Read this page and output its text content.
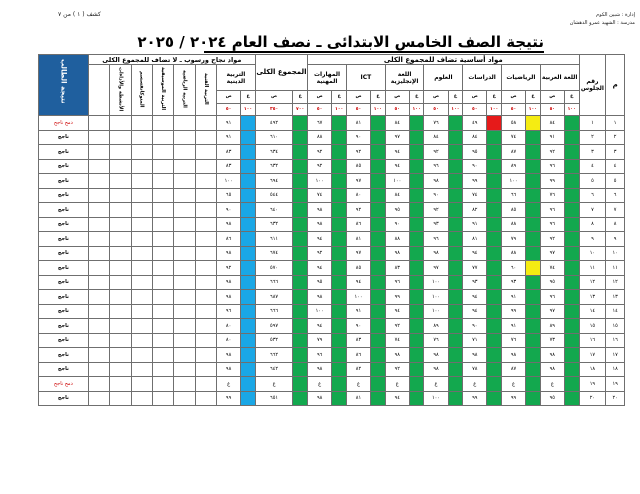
كشف ( ١ ) من ٧	إدارة : شبين الكوم
مدرسة : الشهيد عمرو الدهشان
نتيجة الصف الخامس الابتدائى ـ نصف العام ٢٠٢٤ / ٢٠٢٥
م	رقم الجلوس	مواد أساسية تضاف للمجموع الكلى														المجموع الكلى		مواد نجاح ورسوب ـ لا تضاف للمجموع الكلى								نتيجة الطالب
		اللغة العربية		الرياضيات		الدراسات		العلوم		اللغة الإنجليزية		ICT		المهارات المهنية				التربية الدينية		التربية الفنية	التربية الرياضية	التربية الموسيقية	المتوكاتفسسم	الأنشطة والأداءات		
		ع	ص	ع	ص	ع	ص	ع	ص	ع	ص	ع	ص	ع	ص	ع	ص	ع	ص							
		١٠٠	٥٠	١٠٠	٥٠	١٠٠	٥٠	١٠٠	٥٠	١٠٠	٥٠	١٠٠	٥٠	١٠٠	٥٠	٧٠٠	٣٥٠	١٠٠	٥٠							
١	١		٨٤		٥٨		٤٩		٧٦		٨٤		٨١		٦٧		٤٩٢		٩١							دمج ناجح
٢	٢		٩١		٧٤		٨٤		٨٤		٩٧		٩٠		٨٨		٦١٠		٩١							ناجح
٣	٣		٩٢		٨٧		٩٥		٩٢		٩٤		٩٢		٩٢		٦٣٤		٨٣							ناجح
٤	٤		٩٦		٨٩		٩٠		٩٦		٩٤		٨٥		٩٢		٦٣٢		٨٣							ناجح
٥	٥		٩٩		١٠٠		٩٩		٩٨		١٠٠		٩٧		١٠٠		٦٩٤		١٠٠							ناجح
٦	٦		٧٦		٦٦		٧٤		٩٠		٨٤		٨٠		٧٤		٥٤٤		٦٥							ناجح
٧	٧		٩٦		٨٥		٨٢		٩٢		٩٥		٩٢		٩٨		٦٤٠		٩٠							ناجح
٨	٨		٩٦		٨٨		٩١		٩٣		٩٠		٨٦		٩٨		٦٣٢		٩٨							ناجح
٩	٩		٩٢		٧٩		٨١		٩٦		٨٨		٨١		٩٤		٦١١		٨٦							ناجح
١٠	١٠		٩٧		٨٨		٩٤		٩٨		٩٨		٩٧		٩٢		٦٧٤		٩٨							ناجح
١١	١١		٧٤		٦٠		٧٧		٩٧		٨٣		٨٥		٩٤		٥٧٠		٩٢							ناجح
١٢	١٢		٩٥		٩٣		٩٣		١٠٠		٩٦		٩٤		٩٥		٦٦٦		٩٨							ناجح
١٣	١٣		٩٦		٩١		٩٤		١٠٠		٩٩		١٠٠		٩٨		٦٨٧		٩٨							ناجح
١٤	١٤		٩٧		٩٩		٩٤		١٠٠		٩٤		٩١		١٠٠		٦٦٦		٩٦							ناجح
١٥	١٥		٨٩		٩١		٩٠		٨٩		٩٢		٩٠		٩٤		٥٩٧		٨٠							ناجح
١٦	١٦		٧٣		٧٦		٧١		٧٦		٧٤		٨٣		٧٩		٥٣٢		٨٠							ناجح
١٧	١٧		٩٨		٩٨		٩٨		٩٨		٩٨		٨٦		٩٦		٦٦٢		٩٨							ناجح
١٨	١٨		٩٨		٨٧		٧٨		٩٨		٩٢		٨٢		٩٨		٦٤٢		٩٨							ناجح
١٩	١٩		غ		غ		غ		غ		غ		غ		غ		غ		غ							دمج ناجح
٢٠	٢٠		٩٥		٩٩		٩٩		١٠٠		٩٤		٨١		٩٨		٦٥١		٩٩							ناجح
